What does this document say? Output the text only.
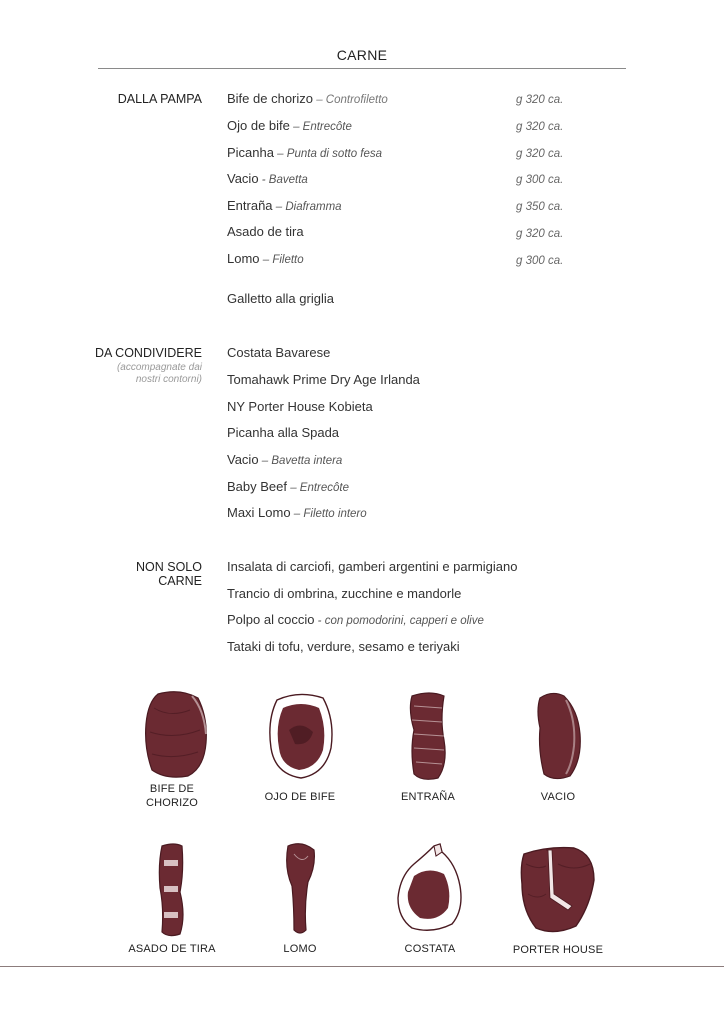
CARNE
DALLA PAMPA Bife de chorizo – Controfiletto	g 320 ca.
Ojo de bife – Entrecôte	g 320 ca.
Picanha – Punta di sotto fesa	g 320 ca.
Vacio - Bavetta	g 300 ca.
Entraña – Diaframma	g 350 ca.
Asado de tira	g 320 ca.
Lomo – Filetto	g 300 ca.
Galletto alla griglia
DA CONDIVIDERE
(accompagnate dai nostri contorni)
Costata Bavarese
Tomahawk Prime Dry Age Irlanda
NY Porter House Kobieta
Picanha alla Spada
Vacio – Bavetta intera
Baby Beef – Entrecôte
Maxi Lomo – Filetto intero
NON SOLO
CARNE
Insalata di carciofi, gamberi argentini e parmigiano
Trancio di ombrina, zucchine e mandorle
Polpo al coccio - con pomodorini, capperi e olive
Tataki di tofu, verdure, sesamo e teriyaki
BIFE DE
CHORIZO	OJO DE BIFE	ENTRAÑA	VACIO
ASADO DE TIRA	LOMO	COSTATA	PORTER HOUSE
